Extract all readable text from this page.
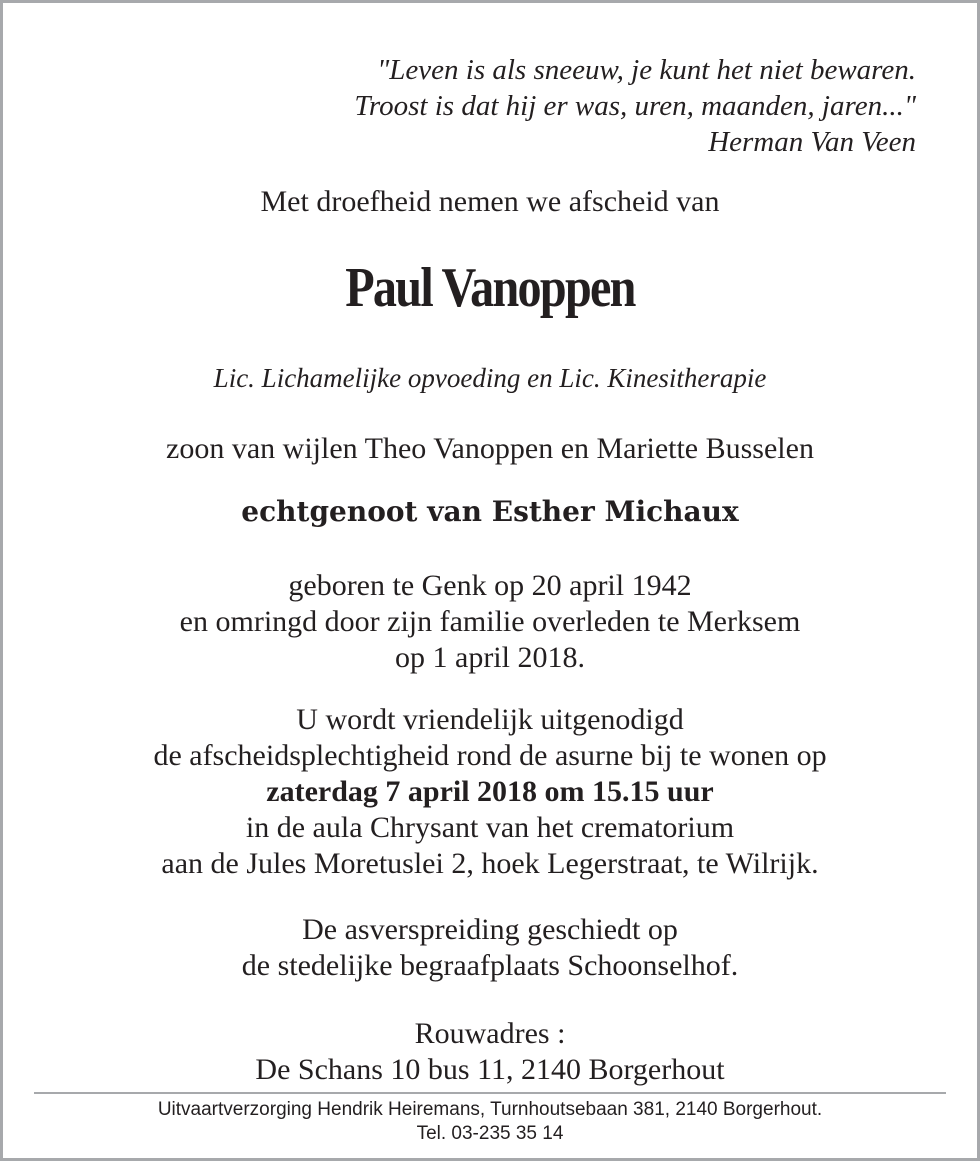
"Leven is als sneeuw, je kunt het niet bewaren.
Troost is dat hij er was, uren, maanden, jaren..."
Herman Van Veen
Met droefheid nemen we afscheid van
Paul Vanoppen
Lic. Lichamelijke opvoeding en Lic. Kinesitherapie
zoon van wijlen Theo Vanoppen en Mariette Busselen
echtgenoot van Esther Michaux
geboren te Genk op 20 april 1942
en omringd door zijn familie overleden te Merksem
op 1 april 2018.
U wordt vriendelijk uitgenodigd
de afscheidsplechtigheid rond de asurne bij te wonen op
zaterdag 7 april 2018 om 15.15 uur
in de aula Chrysant van het crematorium
aan de Jules Moretuslei 2, hoek Legerstraat, te Wilrijk.
De asverspreiding geschiedt op
de stedelijke begraafplaats Schoonselhof.
Rouwadres :
De Schans 10 bus 11, 2140 Borgerhout
Uitvaartverzorging Hendrik Heiremans, Turnhoutsebaan 381, 2140 Borgerhout.
Tel. 03-235 35 14
